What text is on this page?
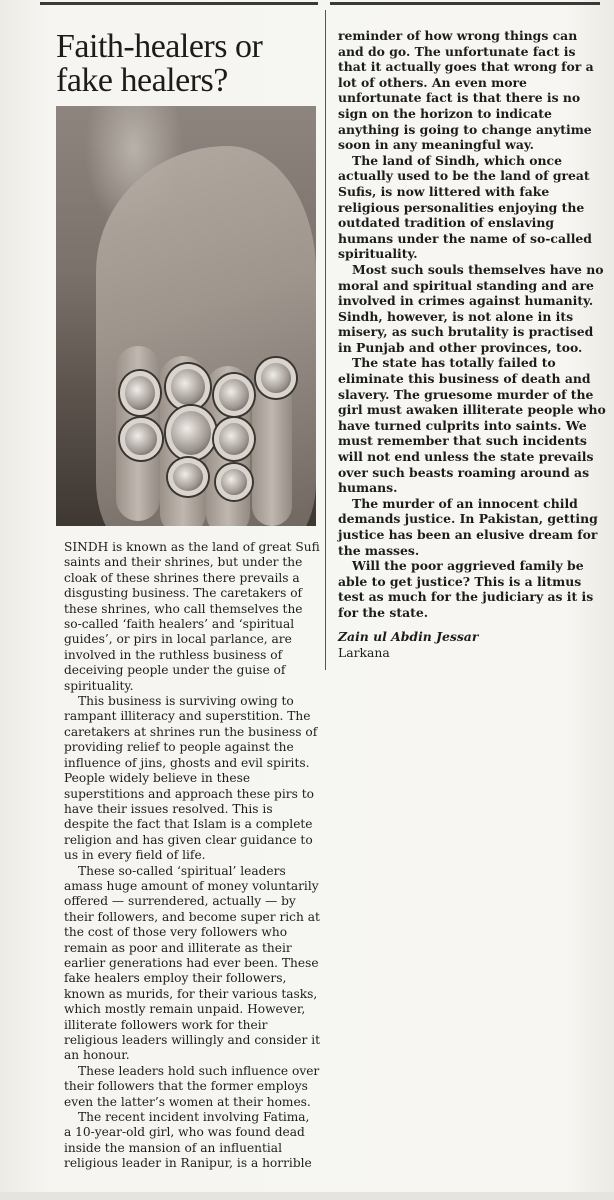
Faith-healers or fake healers?

SINDH is known as the land of great Sufi saints and their shrines, but under the cloak of these shrines there prevails a disgusting business. The caretakers of these shrines, who call themselves the so-called ‘faith healers’ and ‘spiritual guides’, or pirs in local parlance, are involved in the ruthless business of deceiving people under the guise of spirituality.

This business is surviving owing to rampant illiteracy and superstition. The caretakers at shrines run the business of providing relief to people against the influence of jins, ghosts and evil spirits. People widely believe in these superstitions and approach these pirs to have their issues resolved. This is despite the fact that Islam is a complete religion and has given clear guidance to us in every field of life.

These so-called ‘spiritual’ leaders amass huge amount of money voluntarily offered — surrendered, actually — by their followers, and become super rich at the cost of those very followers who remain as poor and illiterate as their earlier generations had ever been. These fake healers employ their followers, known as murids, for their various tasks, which mostly remain unpaid. However, illiterate followers work for their religious leaders willingly and consider it an honour.

These leaders hold such influence over their followers that the former employs even the latter’s women at their homes.

The recent incident involving Fatima, a 10-year-old girl, who was found dead inside the mansion of an influential religious leader in Ranipur, is a horrible

reminder of how wrong things can and do go. The unfortunate fact is that it actually goes that wrong for a lot of others. An even more unfortunate fact is that there is no sign on the horizon to indicate anything is going to change anytime soon in any meaningful way.

The land of Sindh, which once actually used to be the land of great Sufis, is now littered with fake religious personalities enjoying the outdated tradition of enslaving humans under the name of so-called spirituality.

Most such souls themselves have no moral and spiritual standing and are involved in crimes against humanity. Sindh, however, is not alone in its misery, as such brutality is practised in Punjab and other provinces, too.

The state has totally failed to eliminate this business of death and slavery. The gruesome murder of the girl must awaken illiterate people who have turned culprits into saints. We must remember that such incidents will not end unless the state prevails over such beasts roaming around as humans.

The murder of an innocent child demands justice. In Pakistan, getting justice has been an elusive dream for the masses.

Will the poor aggrieved family be able to get justice? This is a litmus test as much for the judiciary as it is for the state.

Zain ul Abdin Jessar
Larkana
